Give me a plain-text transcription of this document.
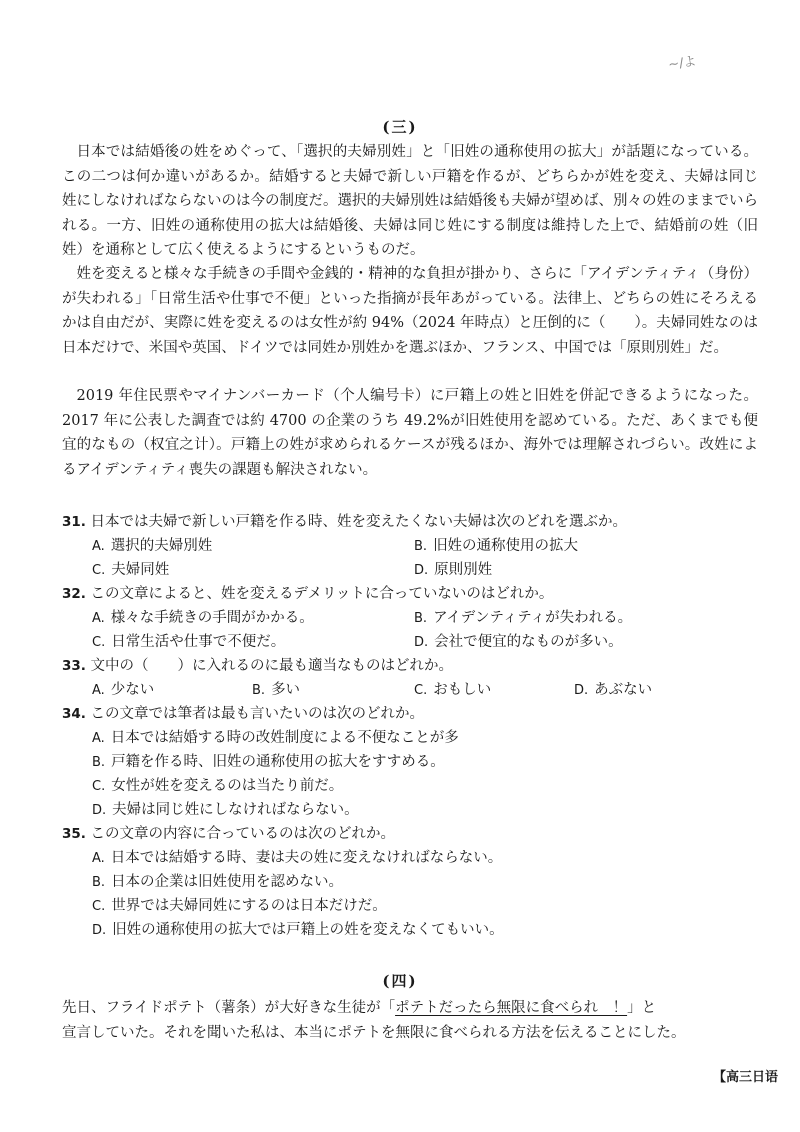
~/よ
(三)

日本では結婚後の姓をめぐって、「選択的夫婦別姓」と「旧姓の通称使用の拡大」が話題になっている。この二つは何か違いがあるか。結婚すると夫婦で新しい戸籍を作るが、どちらかが姓を変え、夫婦は同じ姓にしなければならないのは今の制度だ。選択的夫婦別姓は結婚後も夫婦が望めば、別々の姓のままでいられる。一方、旧姓の通称使用の拡大は結婚後、夫婦は同じ姓にする制度は維持した上で、結婚前の姓（旧姓）を通称として広く使えるようにするというものだ。

姓を変えると様々な手続きの手間や金銭的・精神的な負担が掛かり、さらに「アイデンティティ（身份）が失われる」「日常生活や仕事で不便」といった指摘が長年あがっている。法律上、どちらの姓にそろえるかは自由だが、実際に姓を変えるのは女性が約 94%（2024 年時点）と圧倒的に（　　）。夫婦同姓なのは日本だけで、米国や英国、ドイツでは同姓か別姓かを選ぶほか、フランス、中国では「原則別姓」だ。

2019 年住民票やマイナンバーカード（个人编号卡）に戸籍上の姓と旧姓を併記できるようになった。2017 年に公表した調査では約 4700 の企業のうち 49.2%が旧姓使用を認めている。ただ、あくまでも便宜的なもの（权宜之计）。戸籍上の姓が求められるケースが残るほか、海外では理解されづらい。改姓によるアイデンティティ喪失の課題も解決されない。

31. 日本では夫婦で新しい戸籍を作る時、姓を変えたくない夫婦は次のどれを選ぶか。
A. 選択的夫婦別姓	B. 旧姓の通称使用の拡大
C. 夫婦同姓	D. 原則別姓
32. この文章によると、姓を変えるデメリットに合っていないのはどれか。
A. 様々な手続きの手間がかかる。	B. アイデンティティが失われる。
C. 日常生活や仕事で不便だ。	D. 会社で便宜的なものが多い。
33. 文中の（　　）に入れるのに最も適当なものはどれか。
A. 少ない	B. 多い	C. おもしい	D. あぶない
34. この文章では筆者は最も言いたいのは次のどれか。
A. 日本では結婚する時の改姓制度による不便なことが多
B. 戸籍を作る時、旧姓の通称使用の拡大をすすめる。
C. 女性が姓を変えるのは当たり前だ。
D. 夫婦は同じ姓にしなければならない。
35. この文章の内容に合っているのは次のどれか。
A. 日本では結婚する時、妻は夫の姓に変えなければならない。
B. 日本の企業は旧姓使用を認めない。
C. 世界では夫婦同姓にするのは日本だけだ。
D. 旧姓の通称使用の拡大では戸籍上の姓を変えなくてもいい。
(四)
先日、フライドポテト（薯条）が大好きな生徒が「ポテトだったら無限に食べられ　！」と
宣言していた。それを聞いた私は、本当にポテトを無限に食べられる方法を伝えることにした。
【高三日语
